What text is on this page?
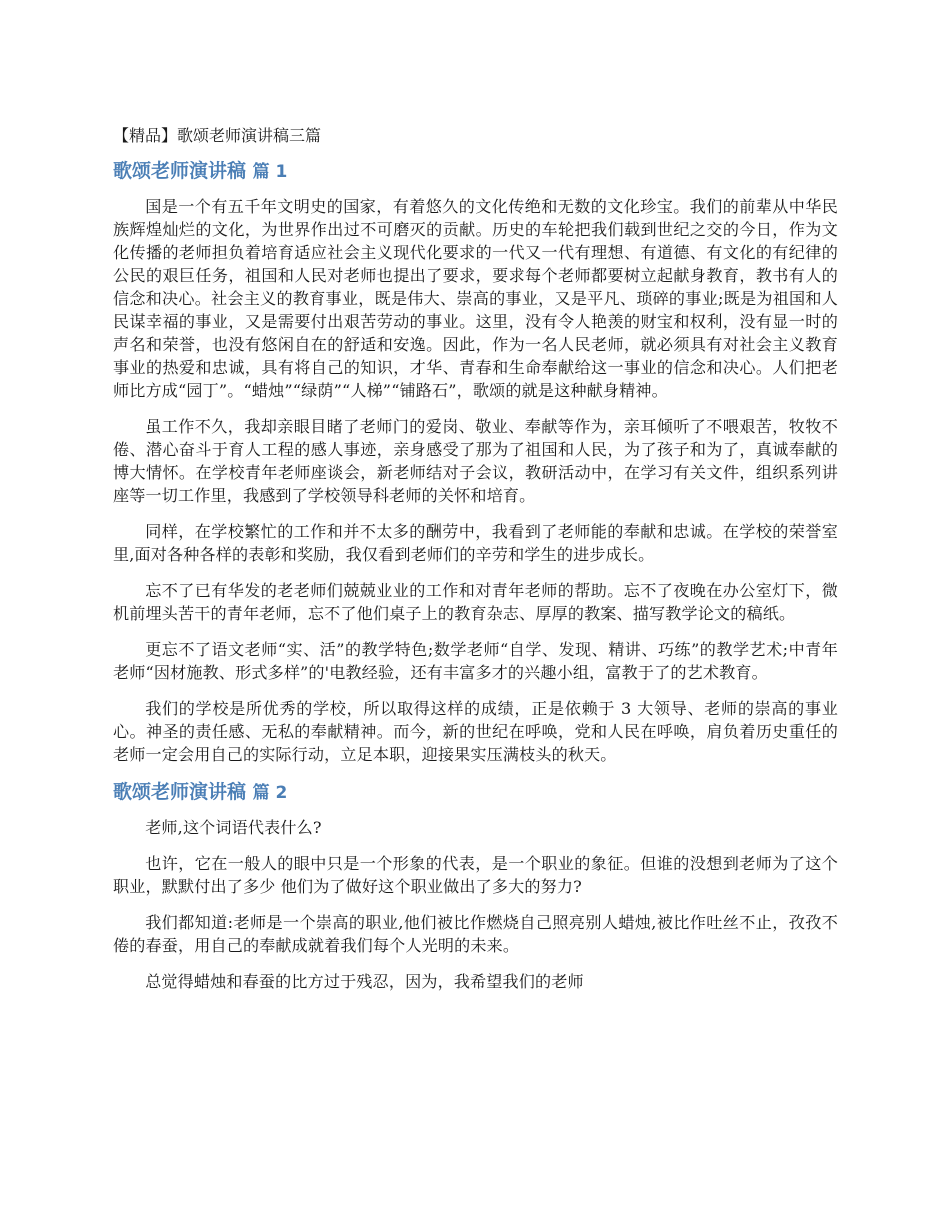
【精品】歌颂老师演讲稿三篇
歌颂老师演讲稿 篇 1

国是一个有五千年文明史的国家，有着悠久的文化传绝和无数的文化珍宝。我们的前辈从中华民族辉煌灿烂的文化，为世界作出过不可磨灭的贡献。历史的车轮把我们载到世纪之交的今日，作为文化传播的老师担负着培育适应社会主义现代化要求的一代又一代有理想、有道德、有文化的有纪律的公民的艰巨任务，祖国和人民对老师也提出了要求，要求每个老师都要树立起献身教育，教书有人的信念和决心。社会主义的教育事业，既是伟大、崇高的事业，又是平凡、琐碎的事业;既是为祖国和人民谋幸福的事业，又是需要付出艰苦劳动的事业。这里，没有令人艳羡的财宝和权利，没有显一时的声名和荣誉，也没有悠闲自在的舒适和安逸。因此，作为一名人民老师，就必须具有对社会主义教育事业的热爱和忠诚，具有将自己的知识，才华、青春和生命奉献给这一事业的信念和决心。人们把老师比方成“园丁”。“蜡烛”“绿荫”“人梯”“铺路石”，歌颂的就是这种献身精神。

虽工作不久，我却亲眼目睹了老师门的爱岗、敬业、奉献等作为，亲耳倾听了不喂艰苦，牧牧不倦、潜心奋斗于育人工程的感人事迹，亲身感受了那为了祖国和人民，为了孩子和为了，真诚奉献的博大情怀。在学校青年老师座谈会，新老师结对子会议，教研活动中，在学习有关文件，组织系列讲座等一切工作里，我感到了学校领导科老师的关怀和培育。

同样，在学校繁忙的工作和并不太多的酬劳中，我看到了老师能的奉献和忠诚。在学校的荣誉室里,面对各种各样的表彰和奖励，我仅看到老师们的辛劳和学生的进步成长。

忘不了已有华发的老老师们兢兢业业的工作和对青年老师的帮助。忘不了夜晚在办公室灯下，微机前埋头苦干的青年老师，忘不了他们桌子上的教育杂志、厚厚的教案、描写教学论文的稿纸。

更忘不了语文老师“实、活”的教学特色;数学老师“自学、发现、精讲、巧练”的教学艺术;中青年老师“因材施教、形式多样”的'电教经验，还有丰富多才的兴趣小组，富教于了的艺术教育。

我们的学校是所优秀的学校，所以取得这样的成绩，正是依赖于 3 大领导、老师的崇高的事业心。神圣的责任感、无私的奉献精神。而今，新的世纪在呼唤，党和人民在呼唤，肩负着历史重任的老师一定会用自己的实际行动，立足本职，迎接果实压满枝头的秋天。

歌颂老师演讲稿 篇 2

老师,这个词语代表什么?

也许，它在一般人的眼中只是一个形象的代表，是一个职业的象征。但谁的没想到老师为了这个职业，默默付出了多少 他们为了做好这个职业做出了多大的努力?

我们都知道:老师是一个崇高的职业,他们被比作燃烧自己照亮别人蜡烛,被比作吐丝不止，孜孜不倦的春蚕，用自己的奉献成就着我们每个人光明的未来。

总觉得蜡烛和春蚕的比方过于残忍，因为，我希望我们的老师
